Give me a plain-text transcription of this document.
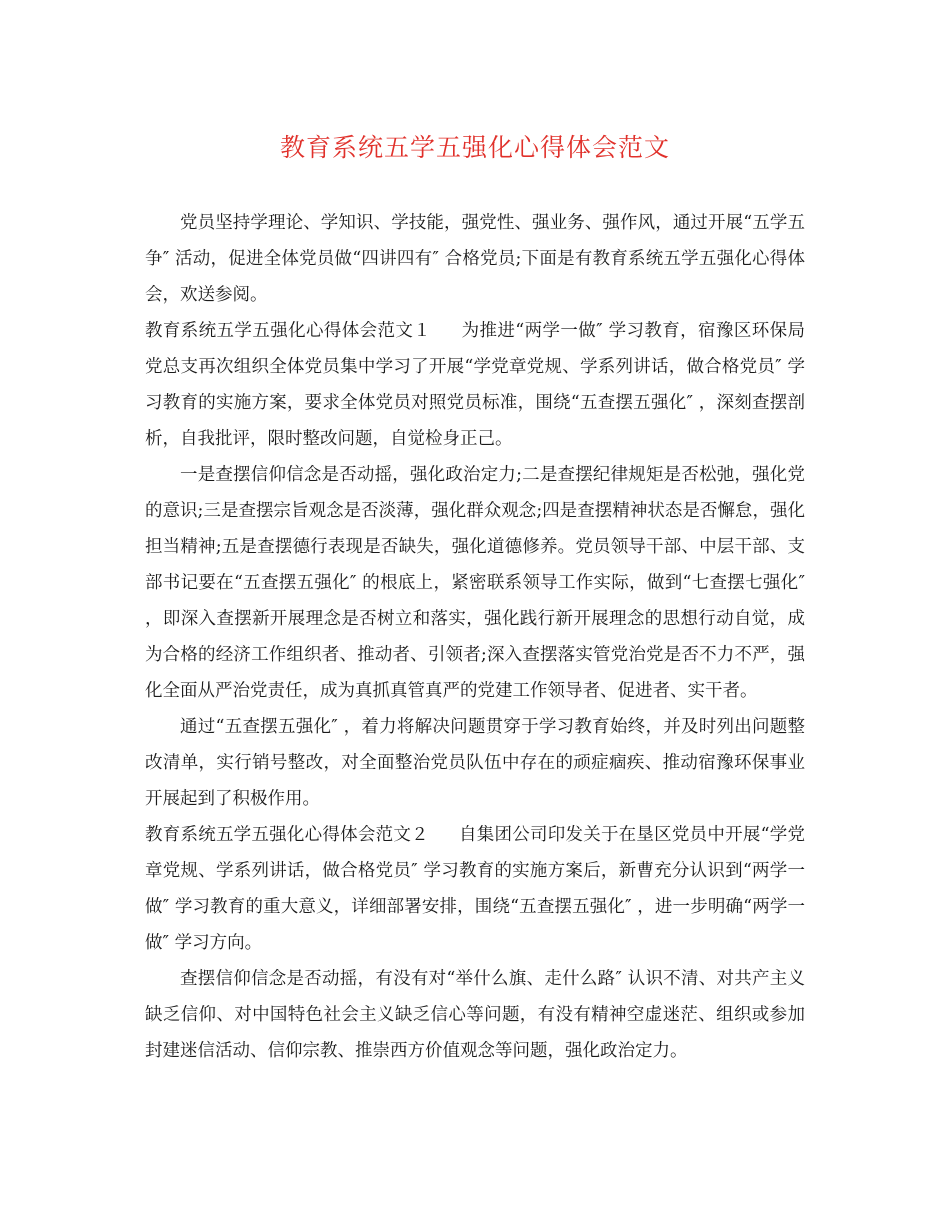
教育系统五学五强化心得体会范文

党员坚持学理论、学知识、学技能，强党性、强业务、强作风，通过开展“五学五争″ 活动，促进全体党员做“四讲四有″ 合格党员;下面是有教育系统五学五强化心得体会，欢送参阅。

教育系统五学五强化心得体会范文１ 为推进“两学一做″ 学习教育，宿豫区环保局党总支再次组织全体党员集中学习了开展“学党章党规、学系列讲话，做合格党员″ 学习教育的实施方案，要求全体党员对照党员标准，围绕“五查摆五强化″ ，深刻查摆剖析，自我批评，限时整改问题，自觉检身正己。

一是查摆信仰信念是否动摇，强化政治定力;二是查摆纪律规矩是否松弛，强化党的意识;三是查摆宗旨观念是否淡薄，强化群众观念;四是查摆精神状态是否懈怠，强化担当精神;五是查摆德行表现是否缺失，强化道德修养。党员领导干部、中层干部、支部书记要在“五查摆五强化″ 的根底上，紧密联系领导工作实际，做到“七查摆七强化″ ，即深入查摆新开展理念是否树立和落实，强化践行新开展理念的思想行动自觉，成为合格的经济工作组织者、推动者、引领者;深入查摆落实管党治党是否不力不严，强化全面从严治党责任，成为真抓真管真严的党建工作领导者、促进者、实干者。

通过“五查摆五强化″ ，着力将解决问题贯穿于学习教育始终，并及时列出问题整改清单，实行销号整改，对全面整治党员队伍中存在的顽症痼疾、推动宿豫环保事业开展起到了积极作用。

教育系统五学五强化心得体会范文２ 自集团公司印发关于在垦区党员中开展“学党章党规、学系列讲话，做合格党员″ 学习教育的实施方案后，新曹充分认识到“两学一做″ 学习教育的重大意义，详细部署安排，围绕“五查摆五强化″ ，进一步明确“两学一做″ 学习方向。

查摆信仰信念是否动摇，有没有对“举什么旗、走什么路″ 认识不清、对共产主义缺乏信仰、对中国特色社会主义缺乏信心等问题，有没有精神空虚迷茫、组织或参加封建迷信活动、信仰宗教、推崇西方价值观念等问题，强化政治定力。
